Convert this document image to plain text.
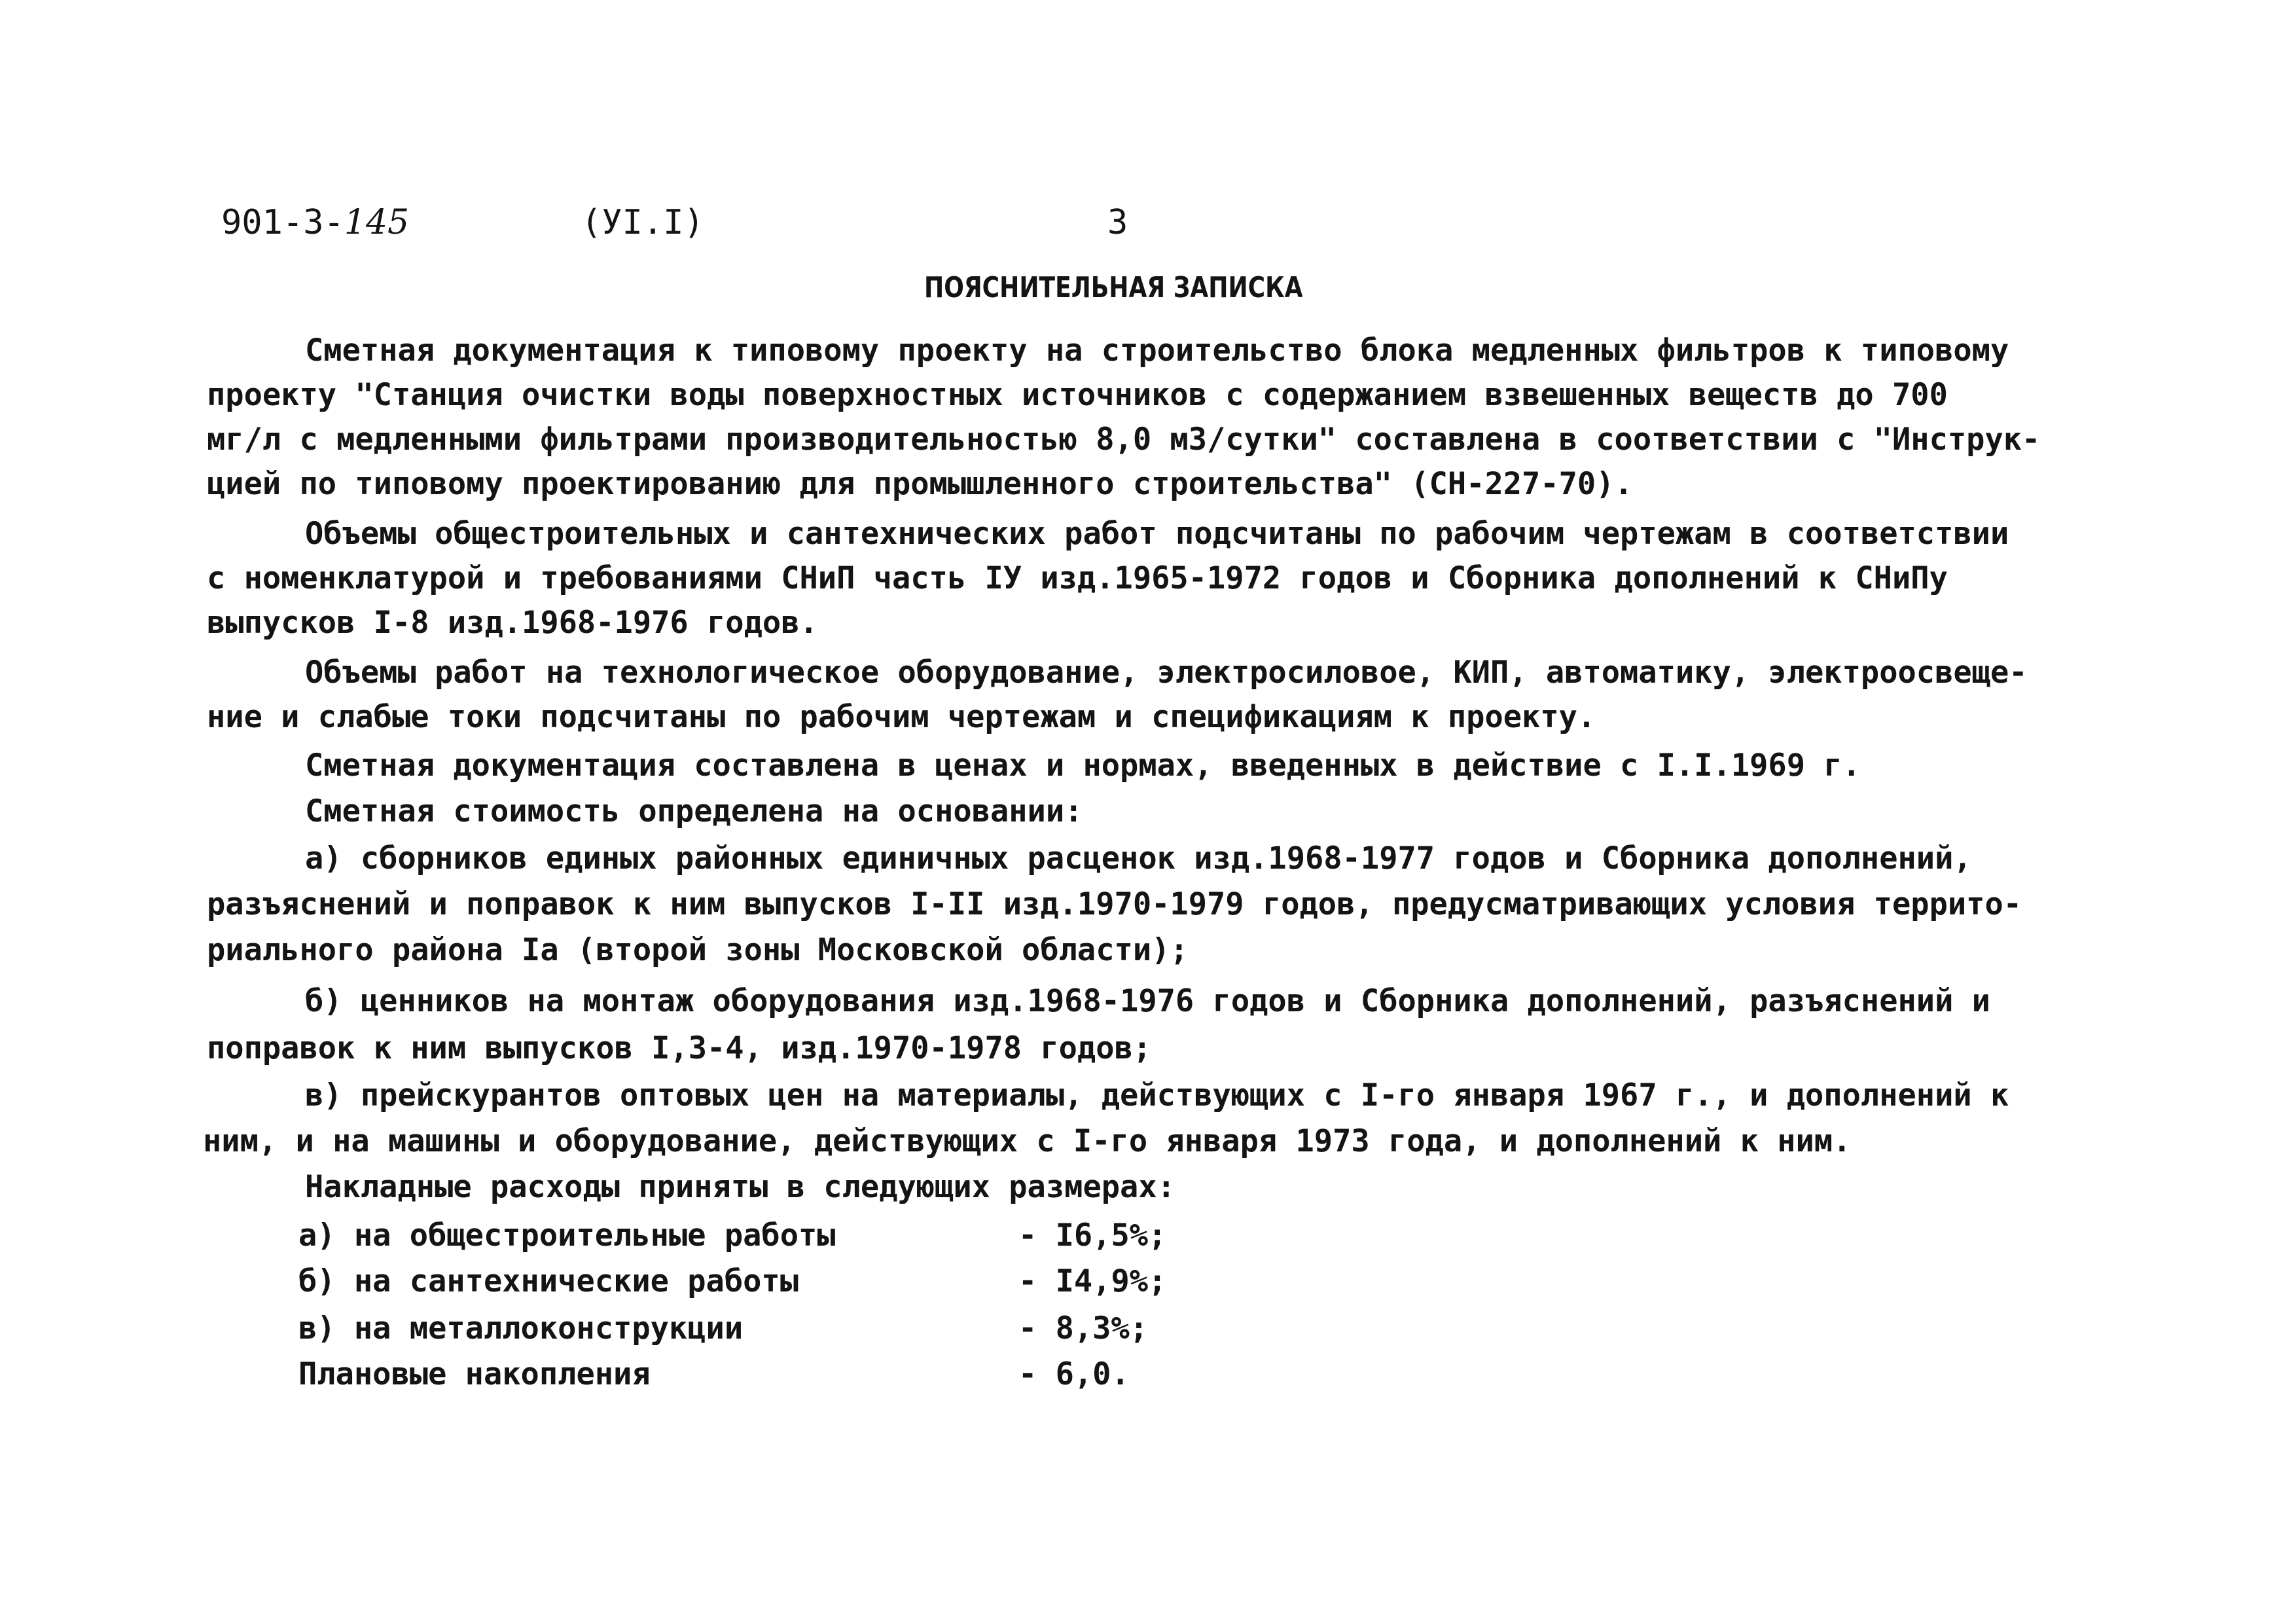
901-3-145	(УI.I)	3
ПОЯСНИТЕЛЬНАЯ ЗАПИСКА
Сметная документация к типовому проекту на строительство блока медленных фильтров к типовому
проекту "Станция очистки воды поверхностных источников с содержанием взвешенных веществ до 700
мг/л с медленными фильтрами производительностью 8,0 м3/сутки" составлена в соответствии с "Инструк-
цией по типовому проектированию для промышленного строительства" (СН-227-70).
Объемы общестроительных и сантехнических работ подсчитаны по рабочим чертежам в соответствии
с номенклатурой и требованиями СНиП часть IУ изд.1965-1972 годов и Сборника дополнений к СНиПу
выпусков I-8 изд.1968-1976 годов.
Объемы работ на технологическое оборудование, электросиловое, КИП, автоматику, электроосвеще-
ние и слабые токи подсчитаны по рабочим чертежам и спецификациям к проекту.
Сметная документация составлена в ценах и нормах, введенных в действие с I.I.1969 г.
Сметная стоимость определена на основании:
а) сборников единых районных единичных расценок изд.1968-1977 годов и Сборника дополнений,
разъяснений и поправок к ним выпусков I-II изд.1970-1979 годов, предусматривающих условия террито-
риального района Iа (второй зоны Московской области);
б) ценников на монтаж оборудования изд.1968-1976 годов и Сборника дополнений, разъяснений и
поправок к ним выпусков I,3-4, изд.1970-1978 годов;
в) прейскурантов оптовых цен на материалы, действующих с I-го января 1967 г., и дополнений к
ним, и на машины и оборудование, действующих с I-го января 1973 года, и дополнений к ним.
Накладные расходы приняты в следующих размерах:
а) на общестроительные работы	- I6,5%;
б) на сантехнические работы	- I4,9%;
в) на металлоконструкции	- 8,3%;
Плановые накопления	- 6,0.
